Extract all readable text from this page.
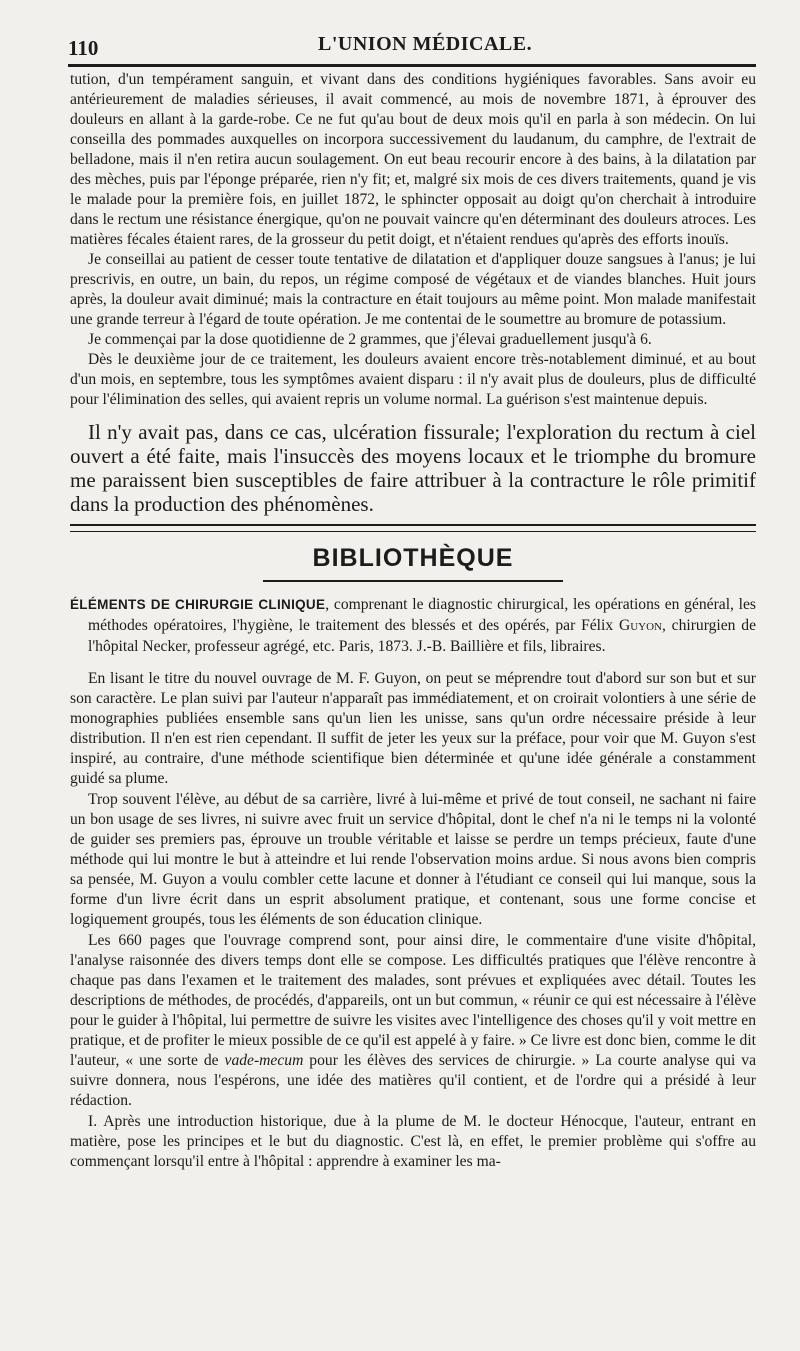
110	L'UNION MÉDICALE.

tution, d'un tempérament sanguin, et vivant dans des conditions hygiéniques favorables. Sans avoir eu antérieurement de maladies sérieuses, il avait commencé, au mois de novembre 1871, à éprouver des douleurs en allant à la garde-robe. Ce ne fut qu'au bout de deux mois qu'il en parla à son médecin. On lui conseilla des pommades auxquelles on incorpora successivement du laudanum, du camphre, de l'extrait de belladone, mais il n'en retira aucun soulagement. On eut beau recourir encore à des bains, à la dilatation par des mèches, puis par l'éponge préparée, rien n'y fit; et, malgré six mois de ces divers traitements, quand je vis le malade pour la première fois, en juillet 1872, le sphincter opposait au doigt qu'on cherchait à introduire dans le rectum une résistance énergique, qu'on ne pouvait vaincre qu'en déterminant des douleurs atroces. Les matières fécales étaient rares, de la grosseur du petit doigt, et n'étaient rendues qu'après des efforts inouïs.

Je conseillai au patient de cesser toute tentative de dilatation et d'appliquer douze sangsues à l'anus; je lui prescrivis, en outre, un bain, du repos, un régime composé de végétaux et de viandes blanches. Huit jours après, la douleur avait diminué; mais la contracture en était toujours au même point. Mon malade manifestait une grande terreur à l'égard de toute opération. Je me contentai de le soumettre au bromure de potassium.

Je commençai par la dose quotidienne de 2 grammes, que j'élevai graduellement jusqu'à 6.

Dès le deuxième jour de ce traitement, les douleurs avaient encore très-notablement diminué, et au bout d'un mois, en septembre, tous les symptômes avaient disparu : il n'y avait plus de douleurs, plus de difficulté pour l'élimination des selles, qui avaient repris un volume normal. La guérison s'est maintenue depuis.

Il n'y avait pas, dans ce cas, ulcération fissurale; l'exploration du rectum à ciel ouvert a été faite, mais l'insuccès des moyens locaux et le triomphe du bromure me paraissent bien susceptibles de faire attribuer à la contracture le rôle primitif dans la production des phénomènes.

BIBLIOTHÈQUE

ÉLÉMENTS DE CHIRURGIE CLINIQUE, comprenant le diagnostic chirurgical, les opérations en général, les méthodes opératoires, l'hygiène, le traitement des blessés et des opérés, par Félix Guyon, chirurgien de l'hôpital Necker, professeur agrégé, etc. Paris, 1873. J.-B. Baillière et fils, libraires.

En lisant le titre du nouvel ouvrage de M. F. Guyon, on peut se méprendre tout d'abord sur son but et sur son caractère. Le plan suivi par l'auteur n'apparaît pas immédiatement, et on croirait volontiers à une série de monographies publiées ensemble sans qu'un lien les unisse, sans qu'un ordre nécessaire préside à leur distribution. Il n'en est rien cependant. Il suffit de jeter les yeux sur la préface, pour voir que M. Guyon s'est inspiré, au contraire, d'une méthode scientifique bien déterminée et qu'une idée générale a constamment guidé sa plume.

Trop souvent l'élève, au début de sa carrière, livré à lui-même et privé de tout conseil, ne sachant ni faire un bon usage de ses livres, ni suivre avec fruit un service d'hôpital, dont le chef n'a ni le temps ni la volonté de guider ses premiers pas, éprouve un trouble véritable et laisse se perdre un temps précieux, faute d'une méthode qui lui montre le but à atteindre et lui rende l'observation moins ardue. Si nous avons bien compris sa pensée, M. Guyon a voulu combler cette lacune et donner à l'étudiant ce conseil qui lui manque, sous la forme d'un livre écrit dans un esprit absolument pratique, et contenant, sous une forme concise et logiquement groupés, tous les éléments de son éducation clinique.

Les 660 pages que l'ouvrage comprend sont, pour ainsi dire, le commentaire d'une visite d'hôpital, l'analyse raisonnée des divers temps dont elle se compose. Les difficultés pratiques que l'élève rencontre à chaque pas dans l'examen et le traitement des malades, sont prévues et expliquées avec détail. Toutes les descriptions de méthodes, de procédés, d'appareils, ont un but commun, « réunir ce qui est nécessaire à l'élève pour le guider à l'hôpital, lui permettre de suivre les visites avec l'intelligence des choses qu'il y voit mettre en pratique, et de profiter le mieux possible de ce qu'il est appelé à y faire. » Ce livre est donc bien, comme le dit l'auteur, « une sorte de vade-mecum pour les élèves des services de chirurgie. » La courte analyse qui va suivre donnera, nous l'espérons, une idée des matières qu'il contient, et de l'ordre qui a présidé à leur rédaction.

I. Après une introduction historique, due à la plume de M. le docteur Hénocque, l'auteur, entrant en matière, pose les principes et le but du diagnostic. C'est là, en effet, le premier problème qui s'offre au commençant lorsqu'il entre à l'hôpital : apprendre à examiner les ma-
